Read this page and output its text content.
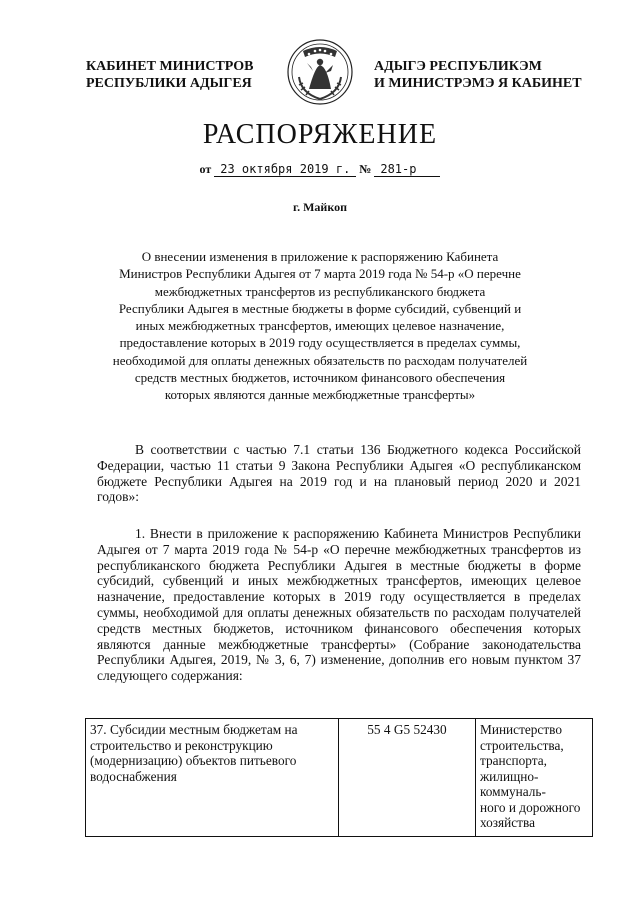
КАБИНЕТ МИНИСТРОВ
РЕСПУБЛИКИ АДЫГЕЯ
АДЫГЭ РЕСПУБЛИКЭМ
И МИНИСТРЭМЭ Я КАБИНЕТ
РАСПОРЯЖЕНИЕ
от 23 октября 2019 г. № 281-р
г. Майкоп
О внесении изменения в приложение к распоряжению Кабинета
Министров Республики Адыгея от 7 марта 2019 года № 54-р «О перечне
межбюджетных трансфертов из республиканского бюджета
Республики Адыгея в местные бюджеты в форме субсидий, субвенций и
иных межбюджетных трансфертов, имеющих целевое назначение,
предоставление которых в 2019 году осуществляется в пределах суммы,
необходимой для оплаты денежных обязательств по расходам получателей
средств местных бюджетов, источником финансового обеспечения
которых являются данные межбюджетные трансферты»

В соответствии с частью 7.1 статьи 136 Бюджетного кодекса Российской Федерации, частью 11 статьи 9 Закона Республики Адыгея «О республиканском бюджете Республики Адыгея на 2019 год и на плановый период 2020 и 2021 годов»:

1. Внести в приложение к распоряжению Кабинета Министров Республики Адыгея от 7 марта 2019 года № 54-р «О перечне межбюджетных трансфертов из республиканского бюджета Республики Адыгея в местные бюджеты в форме субсидий, субвенций и иных межбюджетных трансфертов, имеющих целевое назначение, предоставление которых в 2019 году осуществляется в пределах суммы, необходимой для оплаты денежных обязательств по расходам получателей средств местных бюджетов, источником финансового обеспечения которых являются данные межбюджетные трансферты» (Собрание законодательства Республики Адыгея, 2019, № 3, 6, 7) изменение, дополнив его новым пунктом 37 следующего содержания:

37. Субсидии местным бюджетам на строительство и реконструкцию (модернизацию) объектов питьевого водоснабжения	55 4 G5 52430	Министерство
строительства,
транспорта,
жилищно-
коммуналь-
ного и дорожного
хозяйства
